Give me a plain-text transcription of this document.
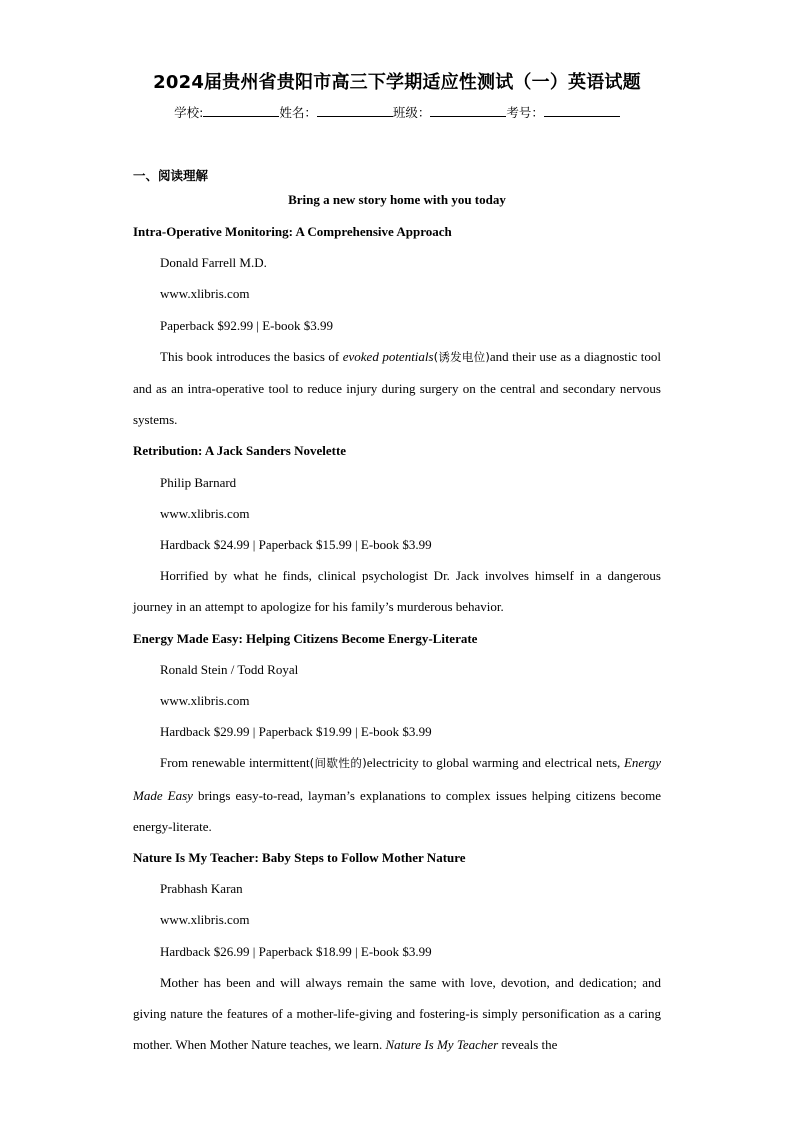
2024届贵州省贵阳市高三下学期适应性测试（一）英语试题
学校:	姓名：	班级：	考号：
一、阅读理解
Bring a new story home with you today

Intra-Operative Monitoring: A Comprehensive Approach

Donald Farrell M.D.

www.xlibris.com

Paperback $92.99 | E-book $3.99

This book introduces the basics of evoked potentials(诱发电位)and their use as a diagnostic tool and as an intra-operative tool to reduce injury during surgery on the central and secondary nervous systems.

Retribution: A Jack Sanders Novelette

Philip Barnard

www.xlibris.com

Hardback $24.99 | Paperback $15.99 | E-book $3.99

Horrified by what he finds, clinical psychologist Dr. Jack involves himself in a dangerous journey in an attempt to apologize for his family’s murderous behavior.

Energy Made Easy: Helping Citizens Become Energy-Literate

Ronald Stein / Todd Royal

www.xlibris.com

Hardback $29.99 | Paperback $19.99 | E-book $3.99

From renewable intermittent(间歇性的)electricity to global warming and electrical nets, Energy Made Easy brings easy-to-read, layman’s explanations to complex issues helping citizens become energy-literate.

Nature Is My Teacher: Baby Steps to Follow Mother Nature

Prabhash Karan

www.xlibris.com

Hardback $26.99 | Paperback $18.99 | E-book $3.99

Mother has been and will always remain the same with love, devotion, and dedication; and giving nature the features of a mother-life-giving and fostering-is simply personification as a caring mother. When Mother Nature teaches, we learn. Nature Is My Teacher reveals the
